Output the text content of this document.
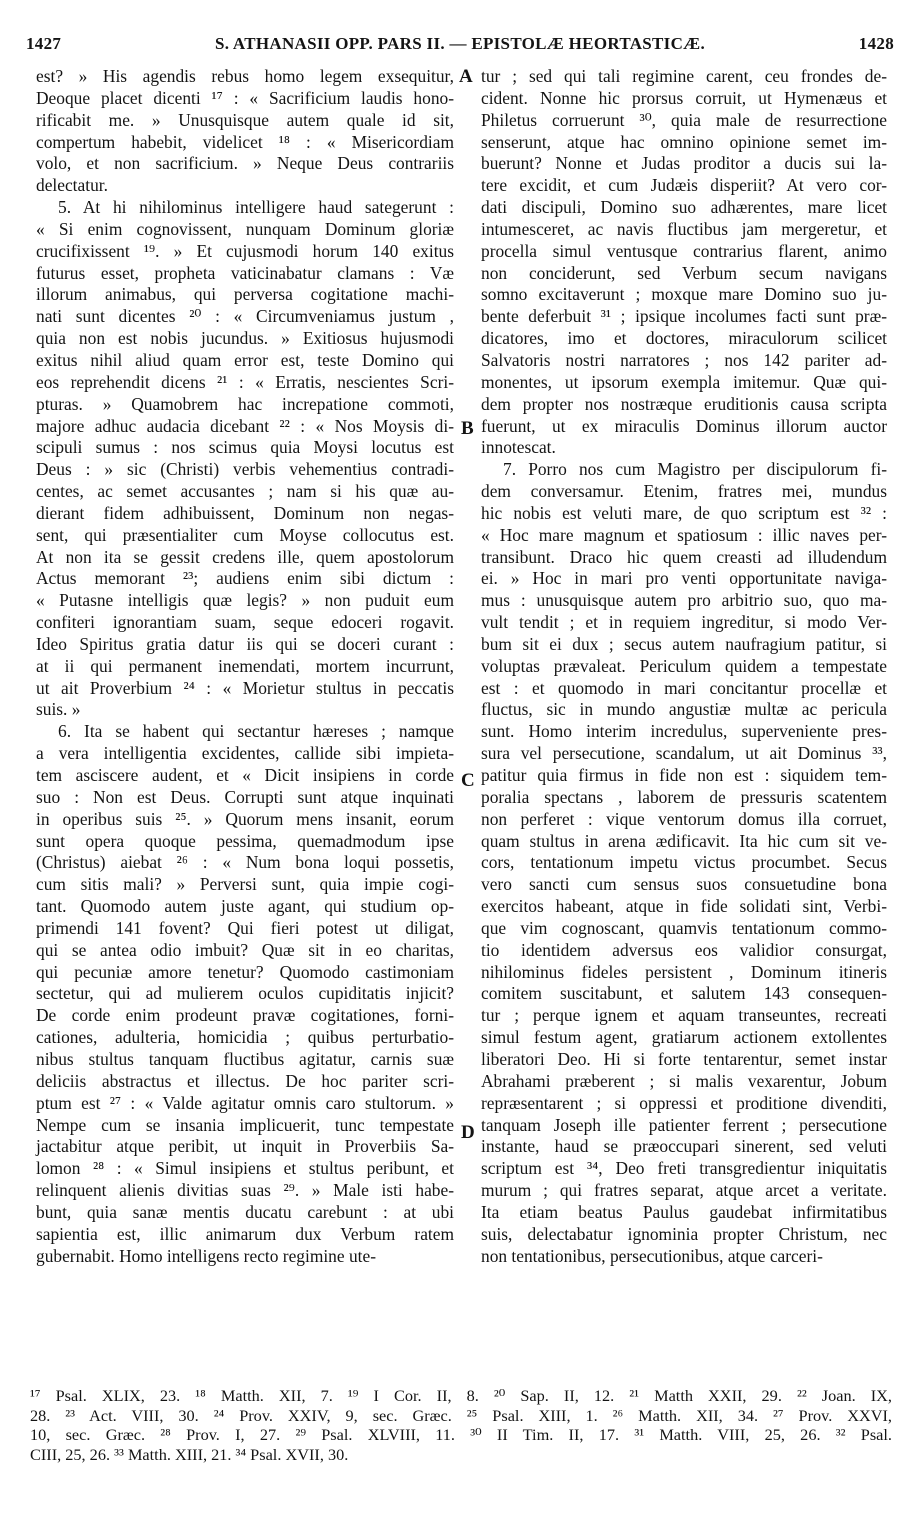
1427	S. ATHANASII OPP. PARS II. — EPISTOLÆ HEORTASTICÆ.	1428
est? » His agendis rebus homo legem exsequitur,
Deoque placet dicenti ¹⁷ : « Sacrificium laudis hono-
rificabit me. » Unusquisque autem quale id sit,
compertum habebit, videlicet ¹⁸ : « Misericordiam
volo, et non sacrificium. » Neque Deus contrariis
delectatur.
5. At hi nihilominus intelligere haud sategerunt :
« Si enim cognovissent, nunquam Dominum gloriæ
crucifixissent ¹⁹. » Et cujusmodi horum 140 exitus
futurus esset, propheta vaticinabatur clamans : Væ
illorum animabus, qui perversa cogitatione machi-
nati sunt dicentes ²⁰ : « Circumveniamus justum ,
quia non est nobis jucundus. » Exitiosus hujusmodi
exitus nihil aliud quam error est, teste Domino qui
eos reprehendit dicens ²¹ : « Erratis, nescientes Scri-
pturas. » Quamobrem hac increpatione commoti,
majore adhuc audacia dicebant ²² : « Nos Moysis di-
scipuli sumus : nos scimus quia Moysi locutus est
Deus : » sic (Christi) verbis vehementius contradi-
centes, ac semet accusantes ; nam si his quæ au-
dierant fidem adhibuissent, Dominum non negas-
sent, qui præsentialiter cum Moyse collocutus est.
At non ita se gessit credens ille, quem apostolorum
Actus memorant ²³; audiens enim sibi dictum :
« Putasne intelligis quæ legis? » non puduit eum
confiteri ignorantiam suam, seque edoceri rogavit.
Ideo Spiritus gratia datur iis qui se doceri curant :
at ii qui permanent inemendati, mortem incurrunt,
ut ait Proverbium ²⁴ : « Morietur stultus in peccatis
suis. »
6. Ita se habent qui sectantur hæreses ; namque
a vera intelligentia excidentes, callide sibi impieta-
tem asciscere audent, et « Dicit insipiens in corde
suo : Non est Deus. Corrupti sunt atque inquinati
in operibus suis ²⁵. » Quorum mens insanit, eorum
sunt opera quoque pessima, quemadmodum ipse
(Christus) aiebat ²⁶ : « Num bona loqui possetis,
cum sitis mali? » Perversi sunt, quia impie cogi-
tant. Quomodo autem juste agant, qui studium op-
primendi 141 fovent? Qui fieri potest ut diligat,
qui se antea odio imbuit? Quæ sit in eo charitas,
qui pecuniæ amore tenetur? Quomodo castimoniam
sectetur, qui ad mulierem oculos cupiditatis injicit?
De corde enim prodeunt pravæ cogitationes, forni-
cationes, adulteria, homicidia ; quibus perturbatio-
nibus stultus tanquam fluctibus agitatur, carnis suæ
deliciis abstractus et illectus. De hoc pariter scri-
ptum est ²⁷ : « Valde agitatur omnis caro stultorum. »
Nempe cum se insania implicuerit, tunc tempestate
jactabitur atque peribit, ut inquit in Proverbiis Sa-
lomon ²⁸ : « Simul insipiens et stultus peribunt, et
relinquent alienis divitias suas ²⁹. » Male isti habe-
bunt, quia sanæ mentis ducatu carebunt : at ubi
sapientia est, illic animarum dux Verbum ratem
gubernabit. Homo intelligens recto regimine ute-
tur ; sed qui tali regimine carent, ceu frondes de-
cident. Nonne hic prorsus corruit, ut Hymenæus et
Philetus corruerunt ³⁰, quia male de resurrectione
senserunt, atque hac omnino opinione semet im-
buerunt? Nonne et Judas proditor a ducis sui la-
tere excidit, et cum Judæis disperiit? At vero cor-
dati discipuli, Domino suo adhærentes, mare licet
intumesceret, ac navis fluctibus jam mergeretur, et
procella simul ventusque contrarius flarent, animo
non conciderunt, sed Verbum secum navigans
somno excitaverunt ; moxque mare Domino suo ju-
bente deferbuit ³¹ ; ipsique incolumes facti sunt præ-
dicatores, imo et doctores, miraculorum scilicet
Salvatoris nostri narratores ; nos 142 pariter ad-
monentes, ut ipsorum exempla imitemur. Quæ qui-
dem propter nos nostræque eruditionis causa scripta
fuerunt, ut ex miraculis Dominus illorum auctor
innotescat.
7. Porro nos cum Magistro per discipulorum fi-
dem conversamur. Etenim, fratres mei, mundus
hic nobis est veluti mare, de quo scriptum est ³² :
« Hoc mare magnum et spatiosum : illic naves per-
transibunt. Draco hic quem creasti ad illudendum
ei. » Hoc in mari pro venti opportunitate naviga-
mus : unusquisque autem pro arbitrio suo, quo ma-
vult tendit ; et in requiem ingreditur, si modo Ver-
bum sit ei dux ; secus autem naufragium patitur, si
voluptas prævaleat. Periculum quidem a tempestate
est : et quomodo in mari concitantur procellæ et
fluctus, sic in mundo angustiæ multæ ac pericula
sunt. Homo interim incredulus, superveniente pres-
sura vel persecutione, scandalum, ut ait Dominus ³³,
patitur quia firmus in fide non est : siquidem tem-
poralia spectans , laborem de pressuris scatentem
non perferet : vique ventorum domus illa corruet,
quam stultus in arena ædificavit. Ita hic cum sit ve-
cors, tentationum impetu victus procumbet. Secus
vero sancti cum sensus suos consuetudine bona
exercitos habeant, atque in fide solidati sint, Verbi-
que vim cognoscant, quamvis tentationum commo-
tio identidem adversus eos validior consurgat,
nihilominus fideles persistent , Dominum itineris
comitem suscitabunt, et salutem 143 consequen-
tur ; perque ignem et aquam transeuntes, recreati
simul festum agent, gratiarum actionem extollentes
liberatori Deo. Hi si forte tentarentur, semet instar
Abrahami præberent ; si malis vexarentur, Jobum
repræsentarent ; si oppressi et proditione divenditi,
tanquam Joseph ille patienter ferrent ; persecutione
instante, haud se præoccupari sinerent, sed veluti
scriptum est ³⁴, Deo freti transgredientur iniquitatis
murum ; qui fratres separat, atque arcet a veritate.
Ita etiam beatus Paulus gaudebat infirmitatibus
suis, delectabatur ignominia propter Christum, nec
non tentationibus, persecutionibus, atque carceri-
A
B
C
D
¹⁷ Psal. XLIX, 23. ¹⁸ Matth. XII, 7. ¹⁹ I Cor. II, 8. ²⁰ Sap. II, 12. ²¹ Matth XXII, 29. ²² Joan. IX,
28. ²³ Act. VIII, 30. ²⁴ Prov. XXIV, 9, sec. Græc. ²⁵ Psal. XIII, 1. ²⁶ Matth. XII, 34. ²⁷ Prov. XXVI,
10, sec. Græc. ²⁸ Prov. I, 27. ²⁹ Psal. XLVIII, 11. ³⁰ II Tim. II, 17. ³¹ Matth. VIII, 25, 26. ³² Psal.
CIII, 25, 26. ³³ Matth. XIII, 21. ³⁴ Psal. XVII, 30.
